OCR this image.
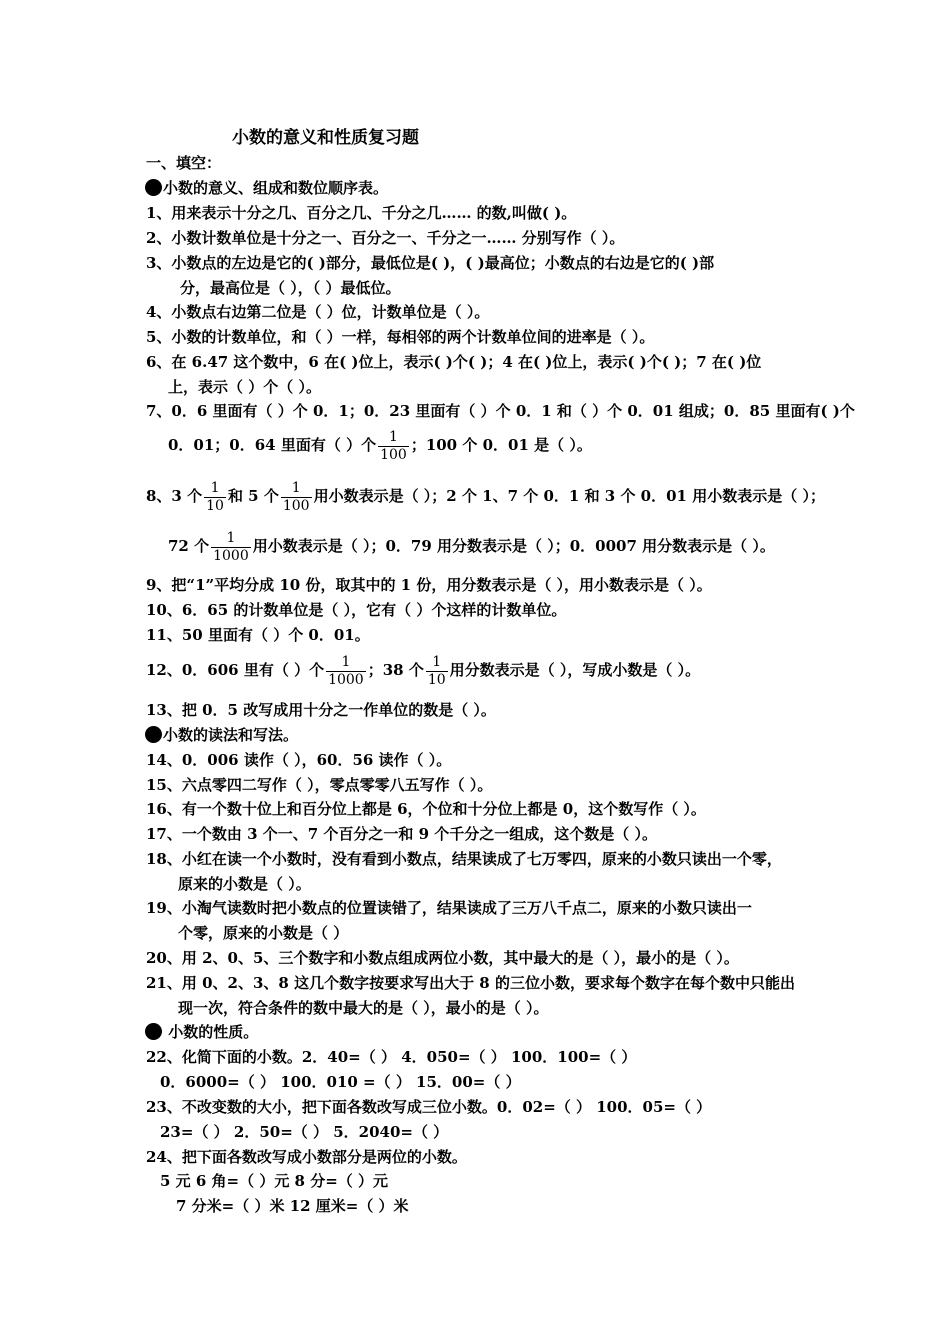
小数的意义和性质复习题
一、填空：
小数的意义、组成和数位顺序表。
1、用来表示十分之几、百分之几、千分之几…… 的数,叫做( )。
2、小数计数单位是十分之一、百分之一、千分之一…… 分别写作（ ）。
3、小数点的左边是它的( )部分，最低位是( )，( )最高位；小数点的右边是它的( )部
分，最高位是（ ），（ ）最低位。
4、小数点右边第二位是（ ）位，计数单位是（ ）。
5、小数的计数单位，和（ ）一样，每相邻的两个计数单位间的进率是（ ）。
6、在 6.47 这个数中，6 在( )位上，表示( )个( )；4 在( )位上，表示( )个( )；7 在( )位
上，表示（ ）个（ ）。
7、0．6 里面有（ ）个 0．1；0．23 里面有（ ）个 0．1 和（ ）个 0．01 组成；0．85 里面有( )个
0．01；0．64 里面有（ ）个 $\frac{1}{100}$ ；100 个 0．01 是（ ）。
8、3 个 $\frac{1}{10}$ 和 5 个 $\frac{1}{100}$ 用小数表示是（ ）；2 个 1、7 个 0．1 和 3 个 0．01 用小数表示是（ ）；
72 个 $\frac{1}{1000}$ 用小数表示是（ ）；0．79 用分数表示是（ ）；0．0007 用分数表示是（ ）。
9、把“1”平均分成 10 份，取其中的 1 份，用分数表示是（ ），用小数表示是（ ）。
10、6．65 的计数单位是（ ），它有（ ）个这样的计数单位。
11、50 里面有（ ）个 0．01。
12、0．606 里有（ ）个 $\frac{1}{1000}$ ；38 个 $\frac{1}{10}$ 用分数表示是（ ），写成小数是（ ）。
13、把 0．5 改写成用十分之一作单位的数是（ ）。
小数的读法和写法。
14、0．006 读作（ ），60．56 读作（ ）。
15、六点零四二写作（ ），零点零零八五写作（ ）。
16、有一个数十位上和百分位上都是 6，个位和十分位上都是 0，这个数写作（ ）。
17、一个数由 3 个一、7 个百分之一和 9 个千分之一组成，这个数是（ ）。
18、小红在读一个小数时，没有看到小数点，结果读成了七万零四，原来的小数只读出一个零，
原来的小数是（ ）。
19、小淘气读数时把小数点的位置读错了，结果读成了三万八千点二，原来的小数只读出一
个零，原来的小数是（ ）
20、用 2、0、5、三个数字和小数点组成两位小数，其中最大的是（ ），最小的是（ ）。
21、用 0、2、3、8 这几个数字按要求写出大于 8 的三位小数，要求每个数字在每个数中只能出
现一次，符合条件的数中最大的是（ ），最小的是（ ）。
小数的性质。
22、化简下面的小数。2．40=（ ） 4．050=（ ） 100．100=（ ）
0．6000=（ ） 100．010 =（ ） 15．00=（ ）
23、不改变数的大小，把下面各数改写成三位小数。0．02=（ ） 100．05=（ ）
23=（ ） 2．50=（ ） 5．2040=（ ）
24、把下面各数改写成小数部分是两位的小数。
5 元 6 角=（ ）元 8 分=（ ）元
7 分米=（ ）米 12 厘米=（ ）米
